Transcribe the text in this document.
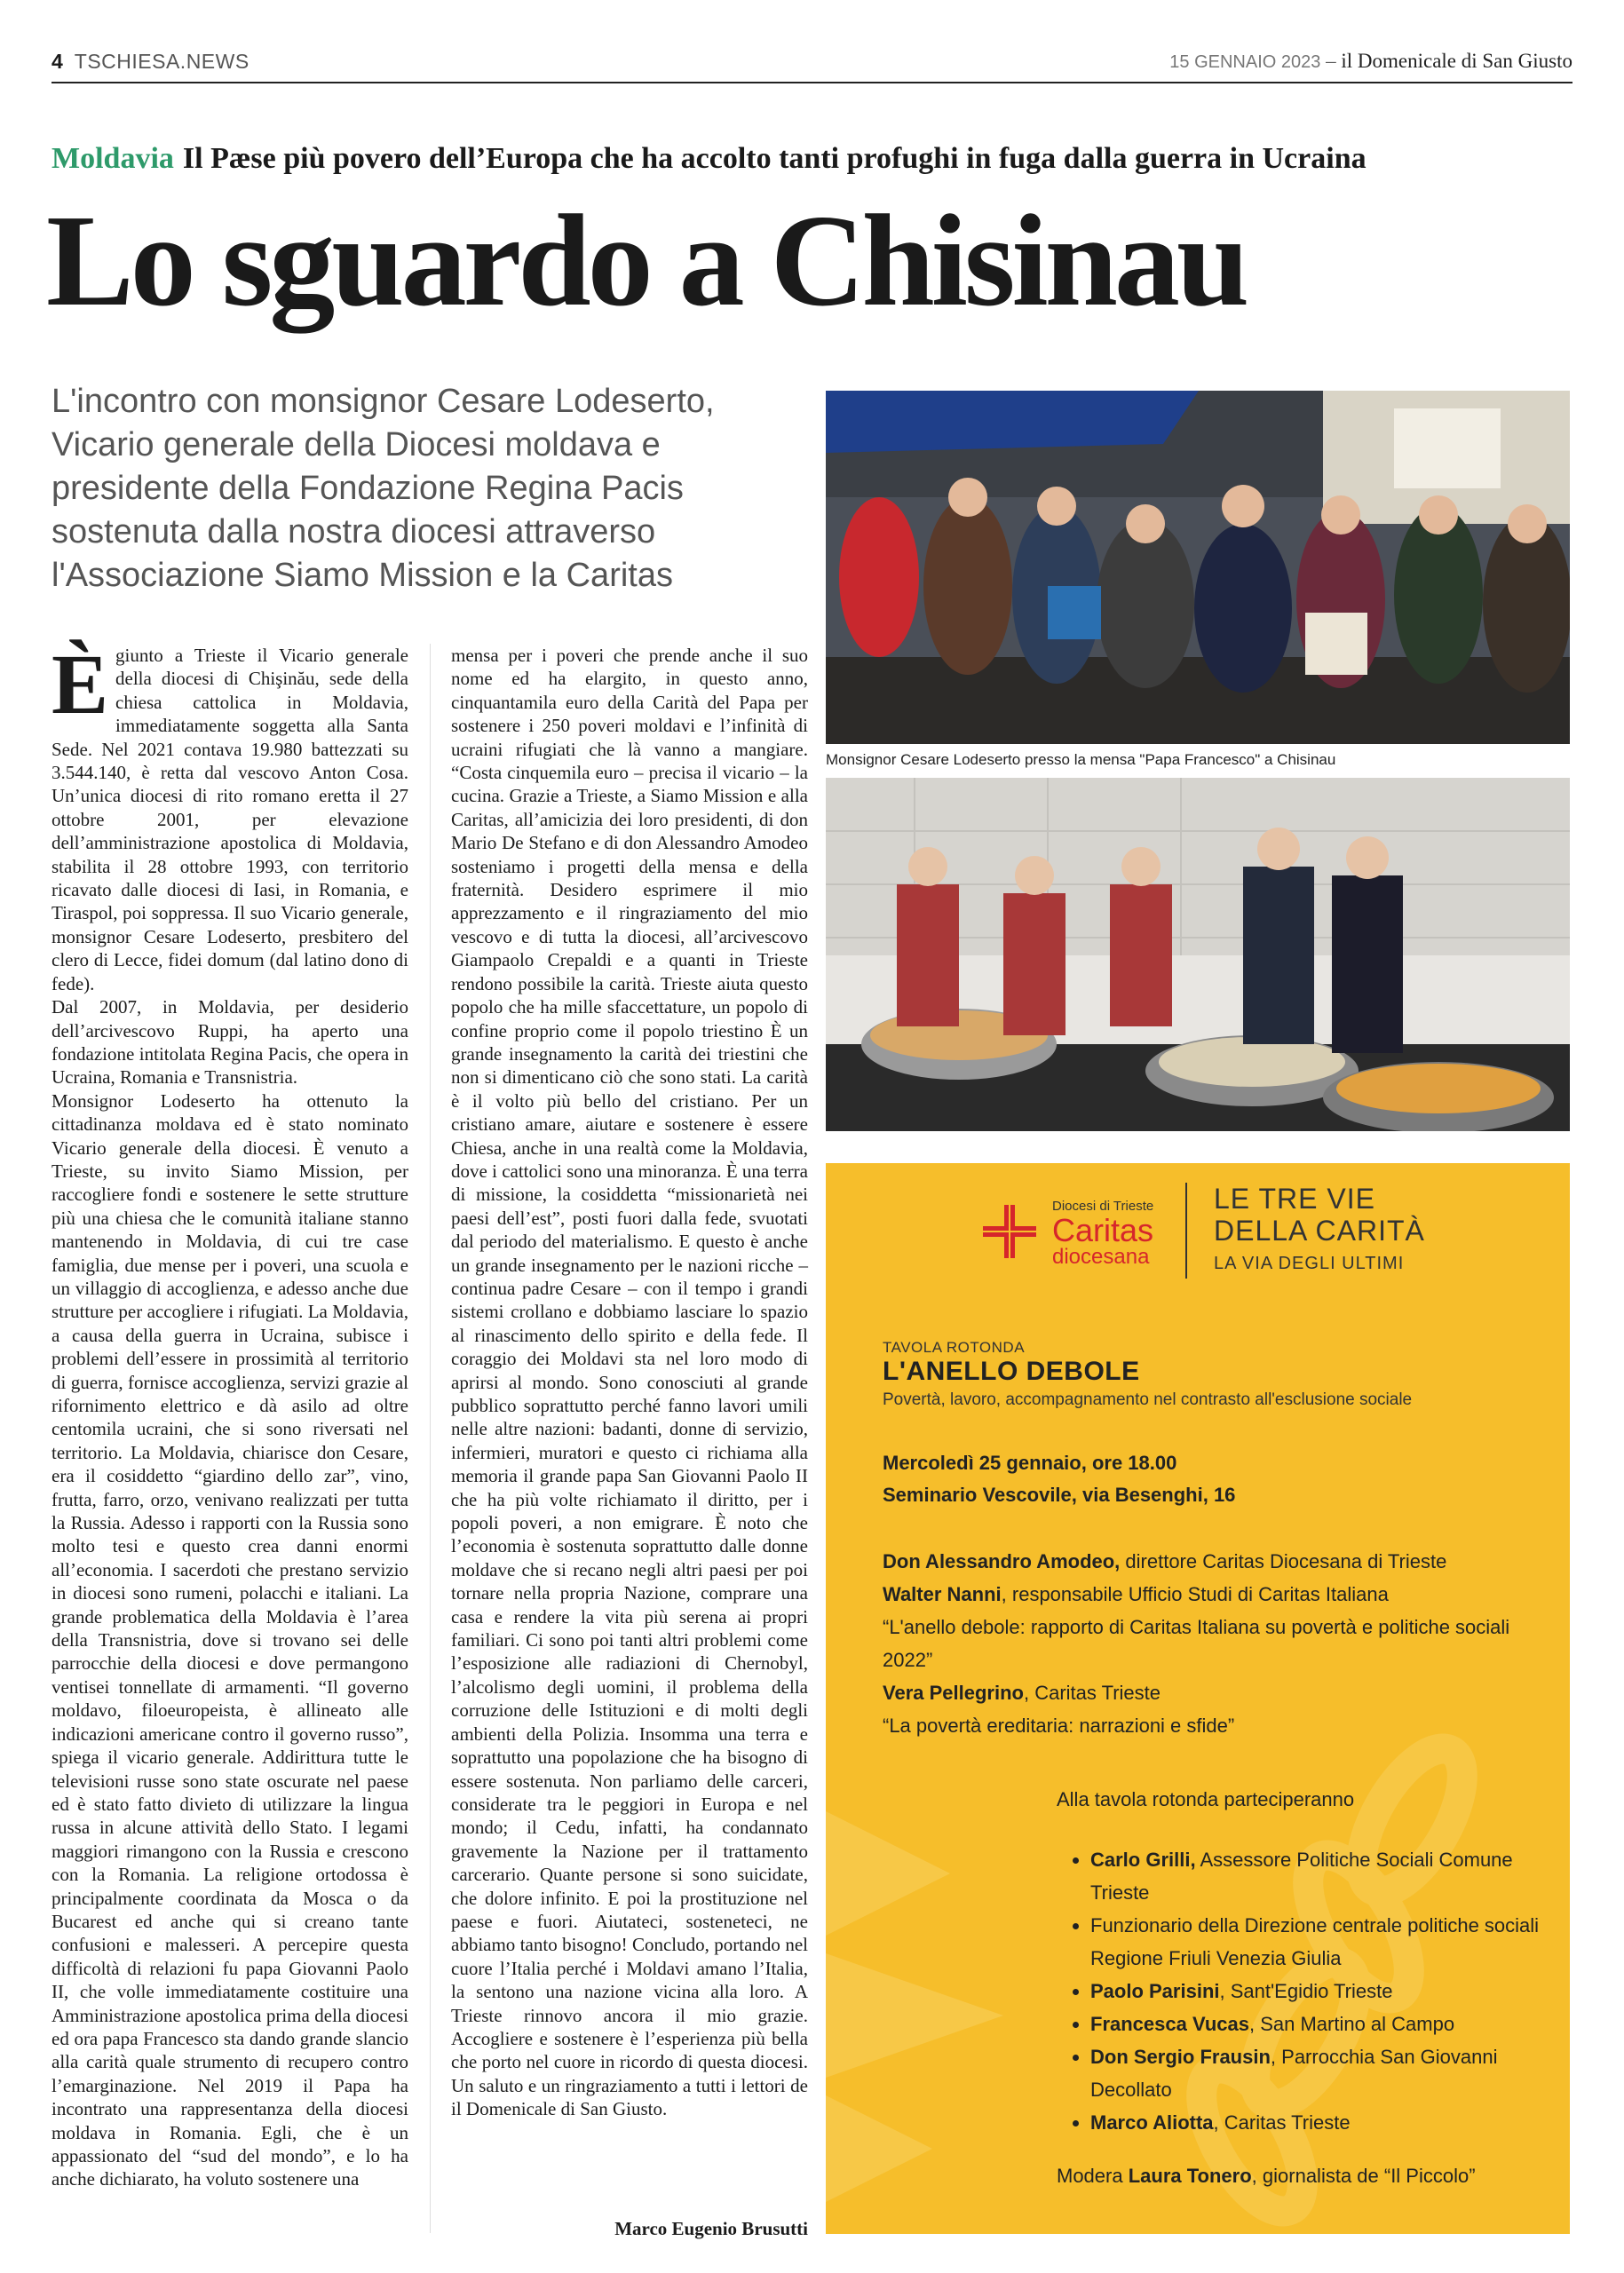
4 TSCHIESA.NEWS	15 GENNAIO 2023 – il Domenicale di San Giusto
Moldavia Il Pæse più povero dell’Europa che ha accolto tanti profughi in fuga dalla guerra in Ucraina
Lo sguardo a Chisinau
L'incontro con monsignor Cesare Lodeserto, Vicario generale della Diocesi moldava e presidente della Fondazione Regina Pacis sostenuta dalla nostra diocesi attraverso l'Associazione Siamo Mission e la Caritas
È giunto a Trieste il Vicario generale della diocesi di Chişinău, sede della chiesa cattolica in Moldavia, immediatamente soggetta alla Santa Sede. Nel 2021 contava 19.980 battezzati su 3.544.140, è retta dal vescovo Anton Cosa. Un’unica diocesi di rito romano eretta il 27 ottobre 2001, per elevazione dell’amministrazione apostolica di Moldavia, stabilita il 28 ottobre 1993, con territorio ricavato dalle diocesi di Iasi, in Romania, e Tiraspol, poi soppressa. Il suo Vicario generale, monsignor Cesare Lodeserto, presbitero del clero di Lecce, fidei domum (dal latino dono di fede).

Dal 2007, in Moldavia, per desiderio dell’arcivescovo Ruppi, ha aperto una fondazione intitolata Regina Pacis, che opera in Ucraina, Romania e Transnistria.

Monsignor Lodeserto ha ottenuto la cittadinanza moldava ed è stato nominato Vicario generale della diocesi. È venuto a Trieste, su invito Siamo Mission, per raccogliere fondi e sostenere le sette strutture più una chiesa che le comunità italiane stanno mantenendo in Moldavia, di cui tre case famiglia, due mense per i poveri, una scuola e un villaggio di accoglienza, e adesso anche due strutture per accogliere i rifugiati. La Moldavia, a causa della guerra in Ucraina, subisce i problemi dell’essere in prossimità al territorio di guerra, fornisce accoglienza, servizi grazie al rifornimento elettrico e dà asilo ad oltre centomila ucraini, che si sono riversati nel territorio. La Moldavia, chiarisce don Cesare, era il cosiddetto “giardino dello zar”, vino, frutta, farro, orzo, venivano realizzati per tutta la Russia. Adesso i rapporti con la Russia sono molto tesi e questo crea danni enormi all’economia. I sacerdoti che prestano servizio in diocesi sono rumeni, polacchi e italiani. La grande problematica della Moldavia è l’area della Transnistria, dove si trovano sei delle parrocchie della diocesi e dove permangono ventisei tonnellate di armamenti. “Il governo moldavo, filoeuropeista, è allineato alle indicazioni americane contro il governo russo”, spiega il vicario generale. Addirittura tutte le televisioni russe sono state oscurate nel paese ed è stato fatto divieto di utilizzare la lingua russa in alcune attività dello Stato. I legami maggiori rimangono con la Russia e crescono con la Romania. La religione ortodossa è principalmente coordinata da Mosca o da Bucarest ed anche qui si creano tante confusioni e malesseri. A percepire questa difficoltà di relazioni fu papa Giovanni Paolo II, che volle immediatamente costituire una Amministrazione apostolica prima della diocesi ed ora papa Francesco sta dando grande slancio alla carità quale strumento di recupero contro l’emarginazione. Nel 2019 il Papa ha incontrato una rappresentanza della diocesi moldava in Romania. Egli, che è un appassionato del “sud del mondo”, e lo ha anche dichiarato, ha voluto sostenere una

mensa per i poveri che prende anche il suo nome ed ha elargito, in questo anno, cinquantamila euro della Carità del Papa per sostenere i 250 poveri moldavi e l’infinità di ucraini rifugiati che là vanno a mangiare. “Costa cinquemila euro – precisa il vicario – la cucina. Grazie a Trieste, a Siamo Mission e alla Caritas, all’amicizia dei loro presidenti, di don Mario De Stefano e di don Alessandro Amodeo sosteniamo i progetti della mensa e della fraternità. Desidero esprimere il mio apprezzamento e il ringraziamento del mio vescovo e di tutta la diocesi, all’arcivescovo Giampaolo Crepaldi e a quanti in Trieste rendono possibile la carità. Trieste aiuta questo popolo che ha mille sfaccettature, un popolo di confine proprio come il popolo triestino È un grande insegnamento la carità dei triestini che non si dimenticano ciò che sono stati. La carità è il volto più bello del cristiano. Per un cristiano amare, aiutare e sostenere è essere Chiesa, anche in una realtà come la Moldavia, dove i cattolici sono una minoranza. È una terra di missione, la cosiddetta “missionarietà nei paesi dell’est”, posti fuori dalla fede, svuotati dal periodo del materialismo. E questo è anche un grande insegnamento per le nazioni ricche – continua padre Cesare – con il tempo i grandi sistemi crollano e dobbiamo lasciare lo spazio al rinascimento dello spirito e della fede. Il coraggio dei Moldavi sta nel loro modo di aprirsi al mondo. Sono conosciuti al grande pubblico soprattutto perché fanno lavori umili nelle altre nazioni: badanti, donne di servizio, infermieri, muratori e questo ci richiama alla memoria il grande papa San Giovanni Paolo II che ha più volte richiamato il diritto, per i popoli poveri, a non emigrare. È noto che l’economia è sostenuta soprattutto dalle donne moldave che si recano negli altri paesi per poi tornare nella propria Nazione, comprare una casa e rendere la vita più serena ai propri familiari. Ci sono poi tanti altri problemi come l’esposizione alle radiazioni di Chernobyl, l’alcolismo degli uomini, il problema della corruzione delle Istituzioni e di molti degli ambienti della Polizia. Insomma una terra e soprattutto una popolazione che ha bisogno di essere sostenuta. Non parliamo delle carceri, considerate tra le peggiori in Europa e nel mondo; il Cedu, infatti, ha condannato gravemente la Nazione per il trattamento carcerario. Quante persone si sono suicidate, che dolore infinito. E poi la prostituzione nel paese e fuori. Aiutateci, sosteneteci, ne abbiamo tanto bisogno! Concludo, portando nel cuore l’Italia perché i Moldavi amano l’Italia, la sentono una nazione vicina alla loro. A Trieste rinnovo ancora il mio grazie. Accogliere e sostenere è l’esperienza più bella che porto nel cuore in ricordo di questa diocesi. Un saluto e un ringraziamento a tutti i lettori de il Domenicale di San Giusto.

Marco Eugenio Brusutti
Monsignor Cesare Lodeserto presso la mensa "Papa Francesco" a Chisinau
Diocesi di Trieste
Caritas
diocesana
LE TRE VIE
DELLA CARITÀ
LA VIA DEGLI ULTIMI
TAVOLA ROTONDA
L'ANELLO DEBOLE
Povertà, lavoro, accompagnamento nel contrasto all'esclusione sociale
Mercoledì 25 gennaio, ore 18.00
Seminario Vescovile, via Besenghi, 16
Don Alessandro Amodeo, direttore Caritas Diocesana di Trieste
Walter Nanni, responsabile Ufficio Studi di Caritas Italiana
“L'anello debole: rapporto di Caritas Italiana su povertà e politiche sociali 2022”
Vera Pellegrino, Caritas Trieste
“La povertà ereditaria: narrazioni e sfide”
Alla tavola rotonda parteciperanno
• Carlo Grilli, Assessore Politiche Sociali Comune Trieste
• Funzionario della Direzione centrale politiche sociali Regione Friuli Venezia Giulia
• Paolo Parisini, Sant'Egidio Trieste
• Francesca Vucas, San Martino al Campo
• Don Sergio Frausin, Parrocchia San Giovanni Decollato
• Marco Aliotta, Caritas Trieste
Modera Laura Tonero, giornalista de “Il Piccolo”
